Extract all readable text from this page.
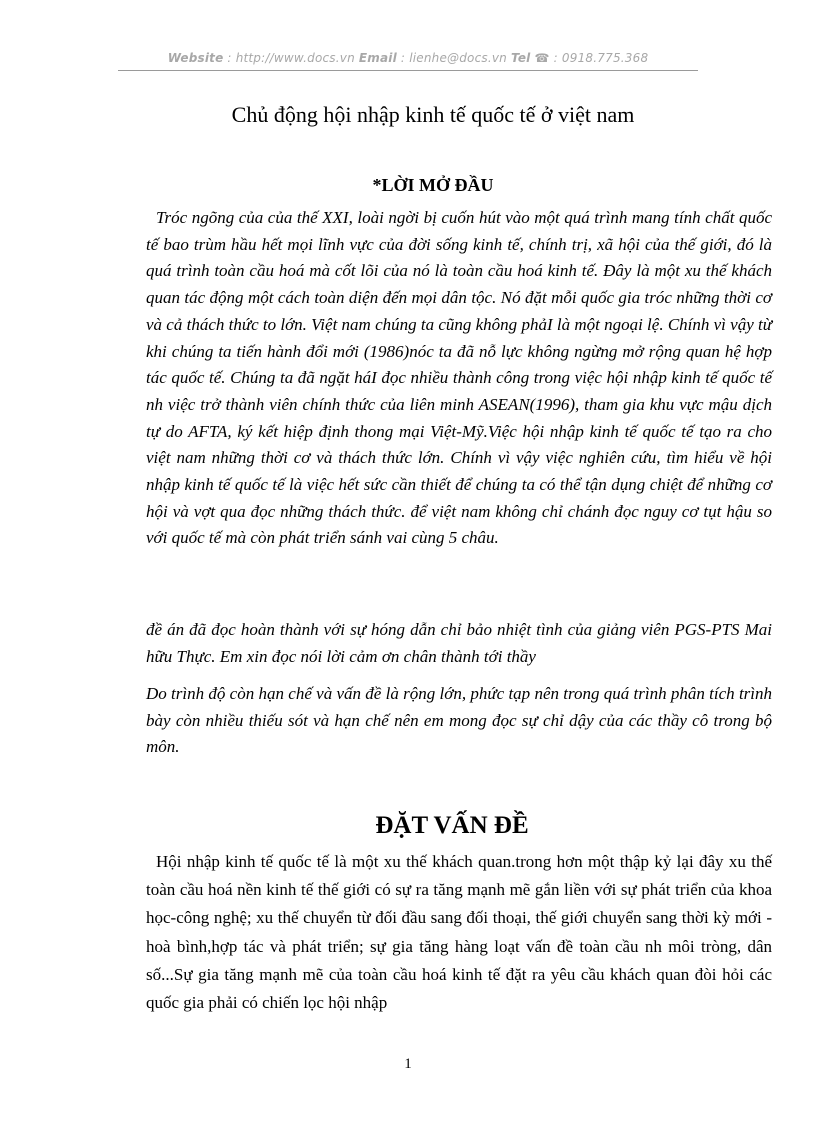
Website : http://www.docs.vn Email : lienhe@docs.vn Tel ☎ : 0918.775.368
Chủ động hội nhập kinh tế quốc tế ở việt nam
*LỜI MỞ ĐẦU

Tróc ngõng của của thế XXI, loài ngời bị cuốn hút vào một quá trình mang tính chất quốc tế bao trùm hầu hết mọi lĩnh vực của đời sống kinh tế, chính trị, xã hội của thế giới, đó là quá trình toàn cầu hoá mà cốt lõi của nó là toàn cầu hoá kinh tế. Đây là một xu thế khách quan tác động một cách toàn diện đến mọi dân tộc. Nó đặt mỗi quốc gia tróc những thời cơ và cả thách thức to lớn. Việt nam chúng ta cũng không phảI là một ngoại lệ. Chính vì vậy từ khi chúng ta tiến hành đổi mới (1986)nóc ta đã nỗ lực không ngừng mở rộng quan hệ hợp tác quốc tế. Chúng ta đã ngặt háI đọc nhiều thành công trong việc hội nhập kinh tế quốc tế nh việc trở thành viên chính thức của liên minh ASEAN(1996), tham gia khu vực mậu dịch tự do AFTA, ký kết hiệp định thong mại Việt-Mỹ.Việc hội nhập kinh tế quốc tế tạo ra cho việt nam những thời cơ và thách thức lớn. Chính vì vậy việc nghiên cứu, tìm hiểu về hội nhập kinh tế quốc tế là việc hết sức cần thiết để chúng ta có thể tận dụng chiệt để những cơ hội và vợt qua đọc những thách thức. để việt nam không chỉ chánh đọc nguy cơ tụt hậu so với quốc tế mà còn phát triển sánh vai cùng 5 châu.

đề án đã đọc hoàn thành với sự hóng dẫn chỉ bảo nhiệt tình của giảng viên PGS-PTS Mai hữu Thực. Em xin đọc nói lời cảm ơn chân thành tới thầy

Do trình độ còn hạn chế và vấn đề là rộng lớn, phức tạp nên trong quá trình phân tích trình bày còn nhiều thiếu sót và hạn chế nên em mong đọc sự chỉ dậy của các thầy cô trong bộ môn.

ĐẶT VẤN ĐỀ

Hội nhập kinh tế quốc tế là một xu thế khách quan.trong hơn một thập kỷ lại đây xu thế toàn cầu hoá nền kinh tế thế giới có sự ra tăng mạnh mẽ gắn liền với sự phát triển của khoa học-công nghệ; xu thế chuyển từ đối đầu sang đối thoại, thế giới chuyển sang thời kỳ mới - hoà bình,hợp tác và phát triển; sự gia tăng hàng loạt vấn đề toàn cầu nh môi tròng, dân số...Sự gia tăng mạnh mẽ của toàn cầu hoá kinh tế đặt ra yêu cầu khách quan đòi hỏi các quốc gia phải có chiến lọc hội nhập

1
